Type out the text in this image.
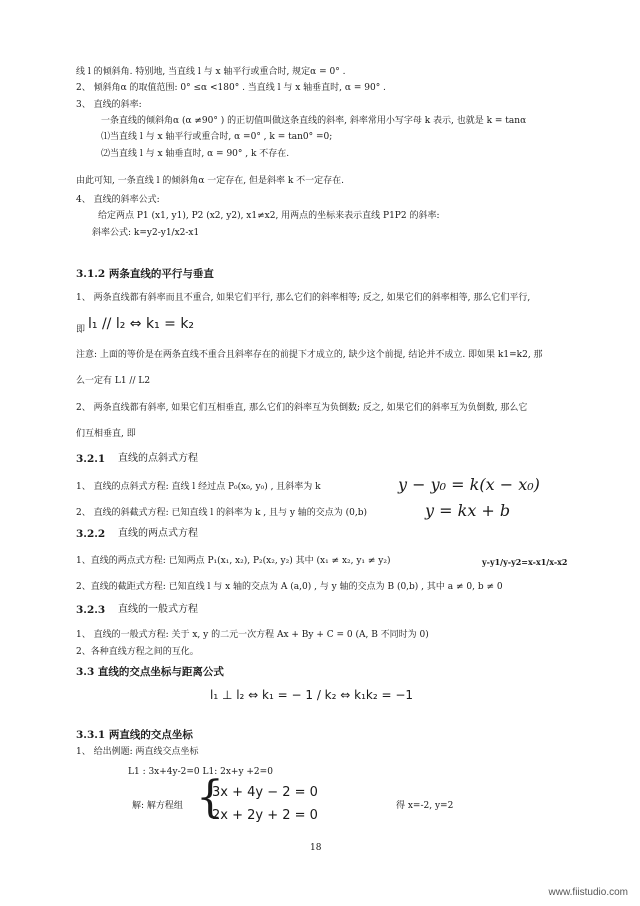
线 l 的倾斜角. 特别地, 当直线 l 与 x 轴平行或重合时, 规定α = 0° .
2、 倾斜角α 的取值范围: 0° ≤α <180° . 当直线 l 与 x 轴垂直时, α = 90° .
3、 直线的斜率:
一条直线的倾斜角α (α ≠90° ) 的正切值叫做这条直线的斜率, 斜率常用小写字母 k 表示, 也就是 k = tanα
⑴当直线 l 与 x 轴平行或重合时, α =0° , k = tan0° =0;
⑵当直线 l 与 x 轴垂直时, α = 90° , k 不存在.
由此可知, 一条直线 l 的倾斜角α 一定存在, 但是斜率 k 不一定存在.
4、 直线的斜率公式:
给定两点 P1 (x1, y1), P2 (x2, y2), x1≠x2, 用两点的坐标来表示直线 P1P2 的斜率:
斜率公式: k=y2-y1/x2-x1
3.1.2 两条直线的平行与垂直
1、 两条直线都有斜率而且不重合, 如果它们平行, 那么它们的斜率相等; 反之, 如果它们的斜率相等, 那么它们平行,
即 l₁ // l₂ ⇔ k₁ = k₂
注意: 上面的等价是在两条直线不重合且斜率存在的前提下才成立的, 缺少这个前提, 结论并不成立. 即如果 k1=k2, 那
么一定有 L1 // L2
2、 两条直线都有斜率, 如果它们互相垂直, 那么它们的斜率互为负倒数; 反之, 如果它们的斜率互为负倒数, 那么它
们互相垂直, 即
3.2.1 直线的点斜式方程
1、 直线的点斜式方程: 直线 l 经过点 P₀(x₀, y₀) , 且斜率为 k	y − y₀ = k(x − x₀)
2、 直线的斜截式方程: 已知直线 l 的斜率为 k , 且与 y 轴的交点为 (0,b)	y = kx + b
3.2.2 直线的两点式方程
1、直线的两点式方程: 已知两点 P₁(x₁, x₂), P₂(x₂, y₂) 其中 (x₁ ≠ x₂, y₁ ≠ y₂)	y-y1/y-y2=x-x1/x-x2
2、直线的截距式方程: 已知直线 l 与 x 轴的交点为 A (a,0) , 与 y 轴的交点为 B (0,b) , 其中 a ≠ 0, b ≠ 0
3.2.3 直线的一般式方程
1、 直线的一般式方程: 关于 x, y 的二元一次方程 Ax + By + C = 0 (A, B 不同时为 0)
2、各种直线方程之间的互化。
3.3 直线的交点坐标与距离公式
l₁ ⊥ l₂ ⇔ k₁ = − 1 / k₂ ⇔ k₁k₂ = −1
3.3.1 两直线的交点坐标
1、 给出例题: 两直线交点坐标
L1 : 3x+4y-2=0 L1: 2x+y +2=0
解: 解方程组 {
3x + 4y − 2 = 0
2x + 2y + 2 = 0
得 x=-2, y=2
18
www.fiistudio.com
